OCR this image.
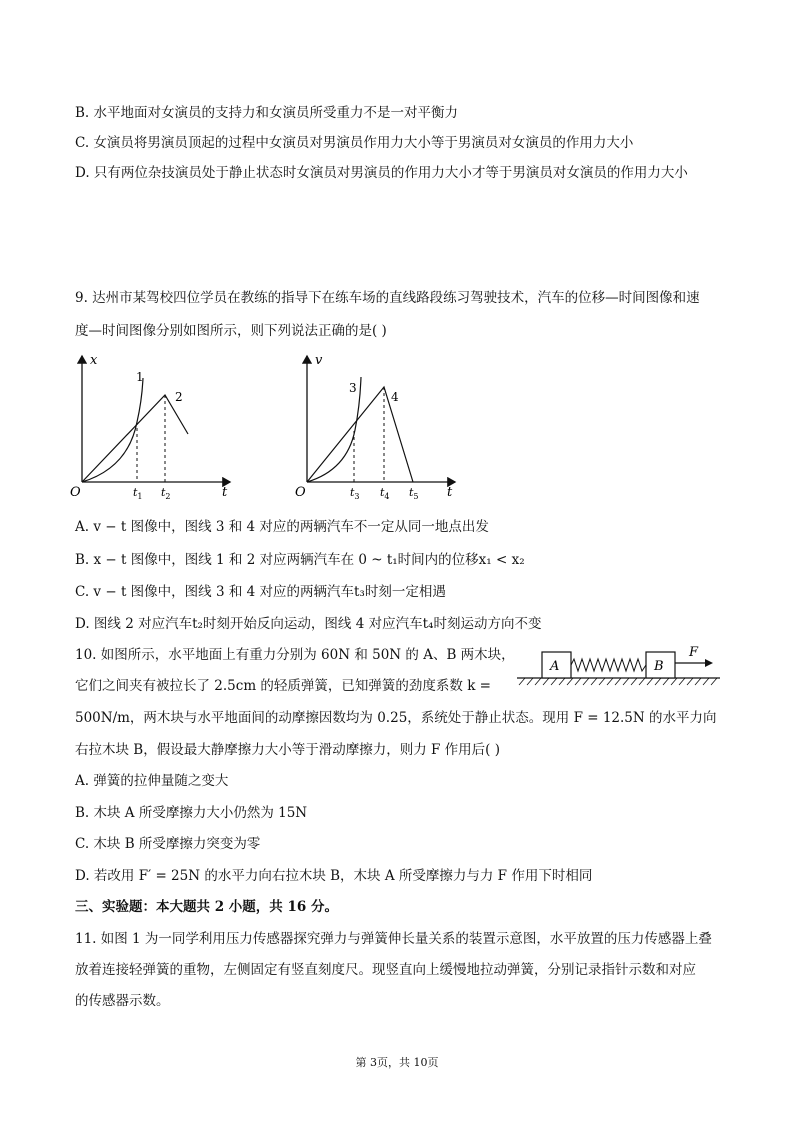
B. 水平地面对女演员的支持力和女演员所受重力不是一对平衡力
C. 女演员将男演员顶起的过程中女演员对男演员作用力大小等于男演员对女演员的作用力大小
D. 只有两位杂技演员处于静止状态时女演员对男演员的作用力大小才等于男演员对女演员的作用力大小
9. 达州市某驾校四位学员在教练的指导下在练车场的直线路段练习驾驶技术，汽车的位移—时间图像和速
度—时间图像分别如图所示，则下列说法正确的是( )
x
t
O
1
2
$t_1$ $t_2$
v
t
O
3
4
$t_3$ $t_4$ $t_5$
A. v − t 图像中，图线 3 和 4 对应的两辆汽车不一定从同一地点出发
B. x − t 图像中，图线 1 和 2 对应两辆汽车在 0 ~ t₁时间内的位移x₁ < x₂
C. v − t 图像中，图线 3 和 4 对应的两辆汽车t₃时刻一定相遇
D. 图线 2 对应汽车t₂时刻开始反向运动，图线 4 对应汽车t₄时刻运动方向不变
10. 如图所示，水平地面上有重力分别为 60N 和 50N 的 A、B 两木块，
它们之间夹有被拉长了 2.5cm 的轻质弹簧，已知弹簧的劲度系数 k =
500N/m，两木块与水平地面间的动摩擦因数均为 0.25，系统处于静止状态。现用 F = 12.5N 的水平力向
右拉木块 B，假设最大静摩擦力大小等于滑动摩擦力，则力 F 作用后( )
A	B
F
A. 弹簧的拉伸量随之变大
B. 木块 A 所受摩擦力大小仍然为 15N
C. 木块 B 所受摩擦力突变为零
D. 若改用 F′ = 25N 的水平力向右拉木块 B，木块 A 所受摩擦力与力 F 作用下时相同
三、实验题：本大题共 2 小题，共 16 分。
11. 如图 1 为一同学利用压力传感器探究弹力与弹簧伸长量关系的装置示意图，水平放置的压力传感器上叠
放着连接轻弹簧的重物，左侧固定有竖直刻度尺。现竖直向上缓慢地拉动弹簧，分别记录指针示数和对应
的传感器示数。
第 3页，共 10页
